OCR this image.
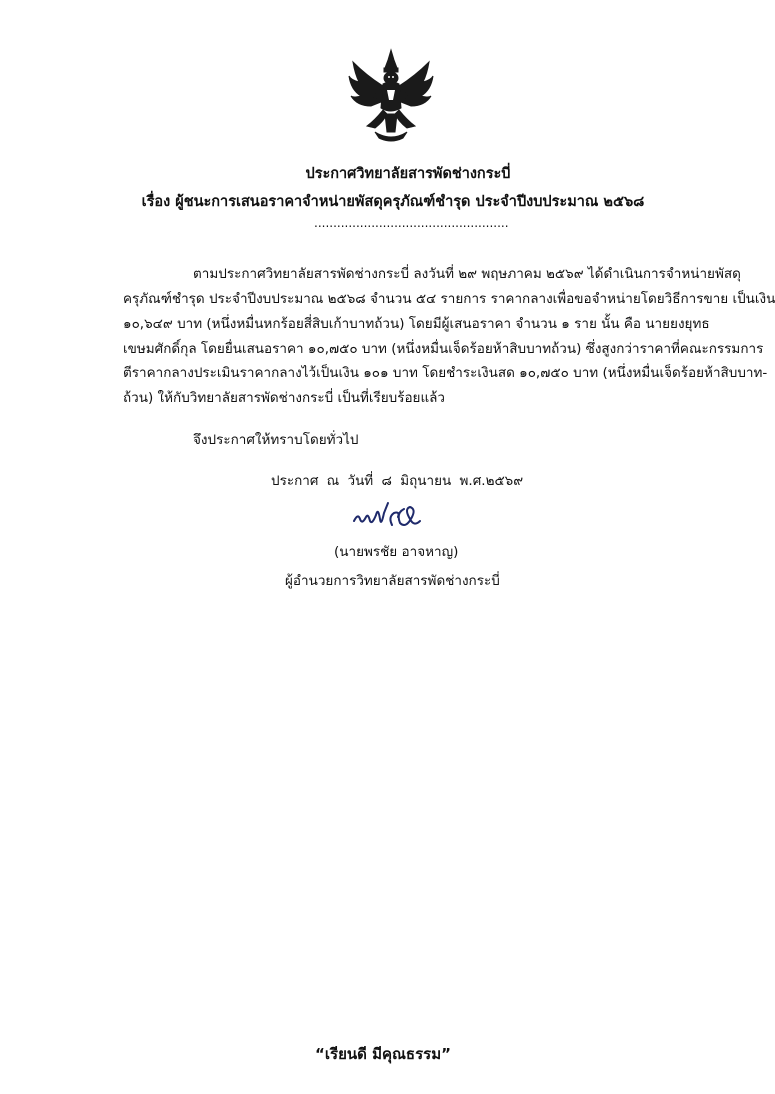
ประกาศวิทยาลัยสารพัดช่างกระบี่
เรื่อง ผู้ชนะการเสนอราคาจำหน่ายพัสดุครุภัณฑ์ชำรุด ประจำปีงบประมาณ ๒๕๖๘
...................................................
ตามประกาศวิทยาลัยสารพัดช่างกระบี่ ลงวันที่ ๒๙ พฤษภาคม ๒๕๖๙ ได้ดำเนินการจำหน่ายพัสดุ
ครุภัณฑ์ชำรุด ประจำปีงบประมาณ ๒๕๖๘ จำนวน ๕๔ รายการ ราคากลางเพื่อขอจำหน่ายโดยวิธีการขาย เป็นเงิน
๑๐,๖๔๙ บาท (หนึ่งหมื่นหกร้อยสี่สิบเก้าบาทถ้วน) โดยมีผู้เสนอราคา จำนวน ๑ ราย นั้น คือ นายยงยุทธ
เขษมศักดิ์กุล โดยยื่นเสนอราคา ๑๐,๗๕๐ บาท (หนึ่งหมื่นเจ็ดร้อยห้าสิบบาทถ้วน) ซึ่งสูงกว่าราคาที่คณะกรรมการ
ตีราคากลางประเมินราคากลางไว้เป็นเงิน ๑๐๑ บาท โดยชำระเงินสด ๑๐,๗๕๐ บาท (หนึ่งหมื่นเจ็ดร้อยห้าสิบบาท-
ถ้วน) ให้กับวิทยาลัยสารพัดช่างกระบี่ เป็นที่เรียบร้อยแล้ว
จึงประกาศให้ทราบโดยทั่วไป
ประกาศ ณ วันที่ ๘ มิถุนายน พ.ศ.๒๕๖๙
(นายพรชัย อาจหาญ)
ผู้อำนวยการวิทยาลัยสารพัดช่างกระบี่
“เรียนดี มีคุณธรรม”
